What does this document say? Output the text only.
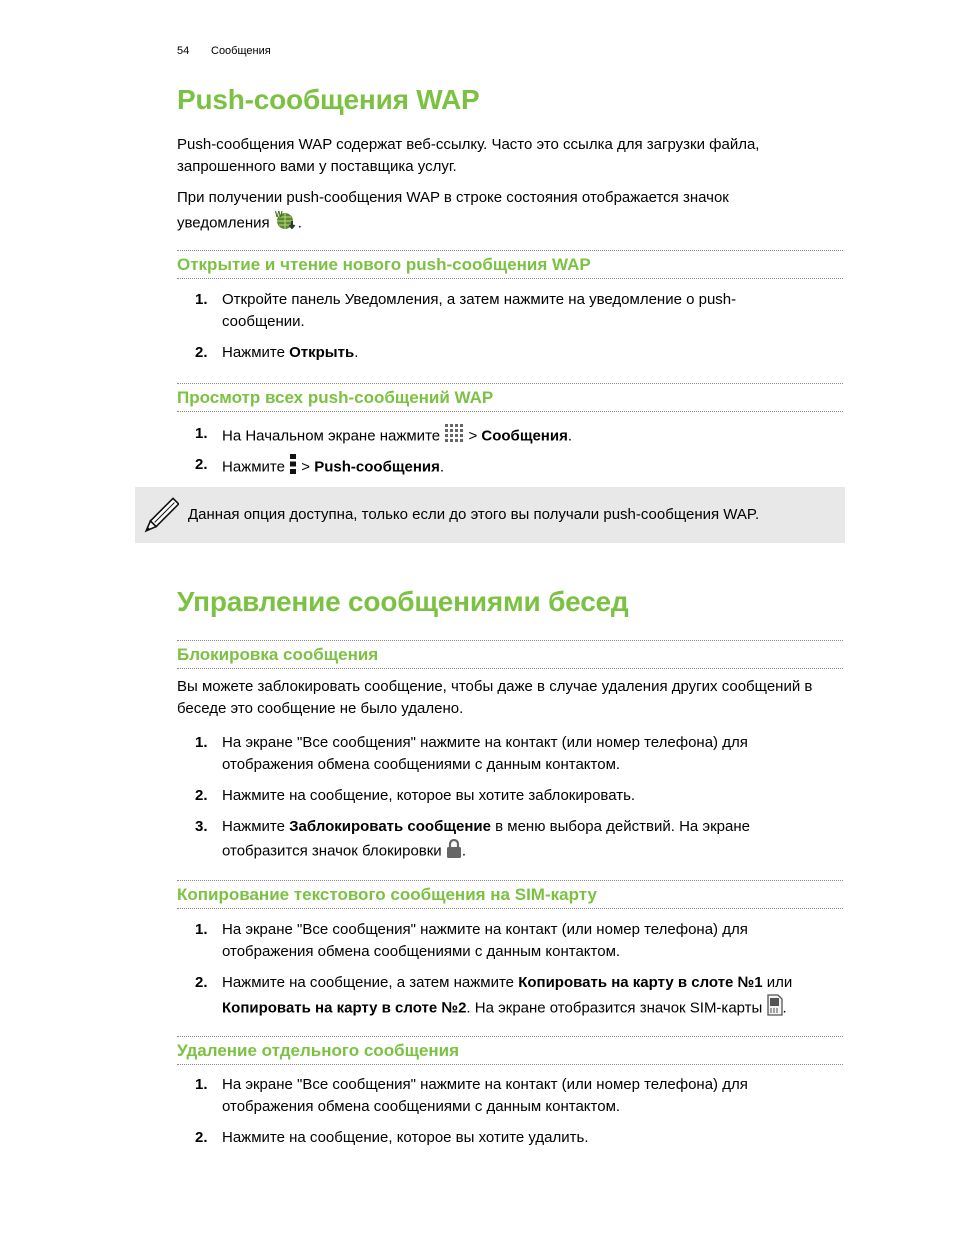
54 Сообщения
Push-сообщения WAP
Push-сообщения WAP содержат веб-ссылку. Часто это ссылка для загрузки файла, запрошенного вами у поставщика услуг.
При получении push-сообщения WAP в строке состояния отображается значок
уведомления W .
Открытие и чтение нового push-сообщения WAP
1. Откройте панель Уведомления, а затем нажмите на уведомление о push-
сообщении.
2. Нажмите Открыть.
Просмотр всех push-сообщений WAP
1. На Начальном экране нажмите  > Сообщения.
2. Нажмите  > Push-сообщения.
Данная опция доступна, только если до этого вы получали push-сообщения WAP.
Управление сообщениями бесед
Блокировка сообщения
Вы можете заблокировать сообщение, чтобы даже в случае удаления других сообщений в беседе это сообщение не было удалено.
1. На экране "Все сообщения" нажмите на контакт (или номер телефона) для
отображения обмена сообщениями с данным контактом.
2. Нажмите на сообщение, которое вы хотите заблокировать.
3. Нажмите Заблокировать сообщение в меню выбора действий. На экране
отобразится значок блокировки .
Копирование текстового сообщения на SIM-карту
1. На экране "Все сообщения" нажмите на контакт (или номер телефона) для
отображения обмена сообщениями с данным контактом.
2. Нажмите на сообщение, а затем нажмите Копировать на карту в слоте №1 или
Копировать на карту в слоте №2. На экране отобразится значок SIM-карты .
Удаление отдельного сообщения
1. На экране "Все сообщения" нажмите на контакт (или номер телефона) для
отображения обмена сообщениями с данным контактом.
2. Нажмите на сообщение, которое вы хотите удалить.
